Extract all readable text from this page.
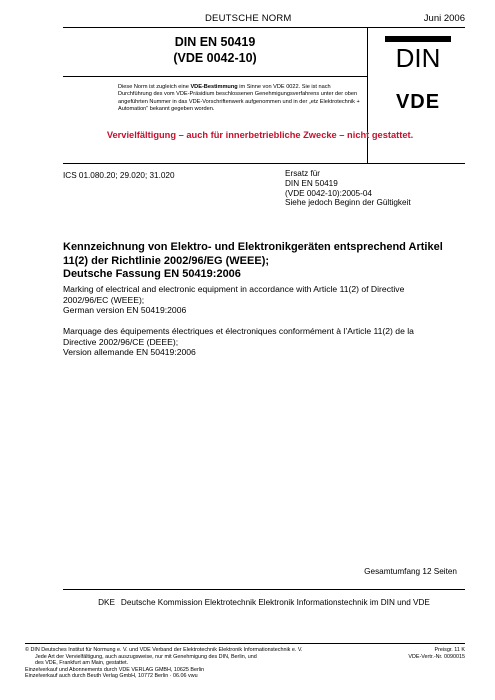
DEUTSCHE NORM	Juni 2006
DIN EN 50419
(VDE 0042-10)	DIN
VDE
Diese Norm ist zugleich eine VDE-Bestimmung im Sinne von VDE 0022. Sie ist nach Durchführung des vom VDE-Präsidium beschlossenen Genehmigungsverfahrens unter der oben angeführten Nummer in das VDE-Vorschriftenwerk aufgenommen und in der „etz Elektrotechnik + Automation“ bekannt gegeben worden.
Vervielfältigung – auch für innerbetriebliche Zwecke – nicht gestattet.
ICS 01.080.20; 29.020; 31.020	Ersatz für
DIN EN 50419
(VDE 0042-10):2005-04
Siehe jedoch Beginn der Gültigkeit
Kennzeichnung von Elektro- und Elektronikgeräten entsprechend Artikel
11(2) der Richtlinie 2002/96/EG (WEEE);
Deutsche Fassung EN 50419:2006
Marking of electrical and electronic equipment in accordance with Article 11(2) of Directive
2002/96/EC (WEEE);
German version EN 50419:2006
Marquage des équipements électriques et électroniques conformément à l’Article 11(2) de la
Directive 2002/96/CE (DEEE);
Version allemande EN 50419:2006
Gesamtumfang 12 Seiten
DKE Deutsche Kommission Elektrotechnik Elektronik Informationstechnik im DIN und VDE
© DIN Deutsches Institut für Normung e. V. und VDE Verband der Elektrotechnik Elektronik Informationstechnik e. V.
Jede Art der Vervielfältigung, auch auszugsweise, nur mit Genehmigung des DIN, Berlin, und
des VDE, Frankfurt am Main, gestattet.
Einzelverkauf und Abonnements durch VDE VERLAG GMBH, 10625 Berlin
Einzelverkauf auch durch Beuth Verlag GmbH, 10772 Berlin · 06.06 vwu
Preisgr. 11 K
VDE-Vertr.-Nr. 0090015
